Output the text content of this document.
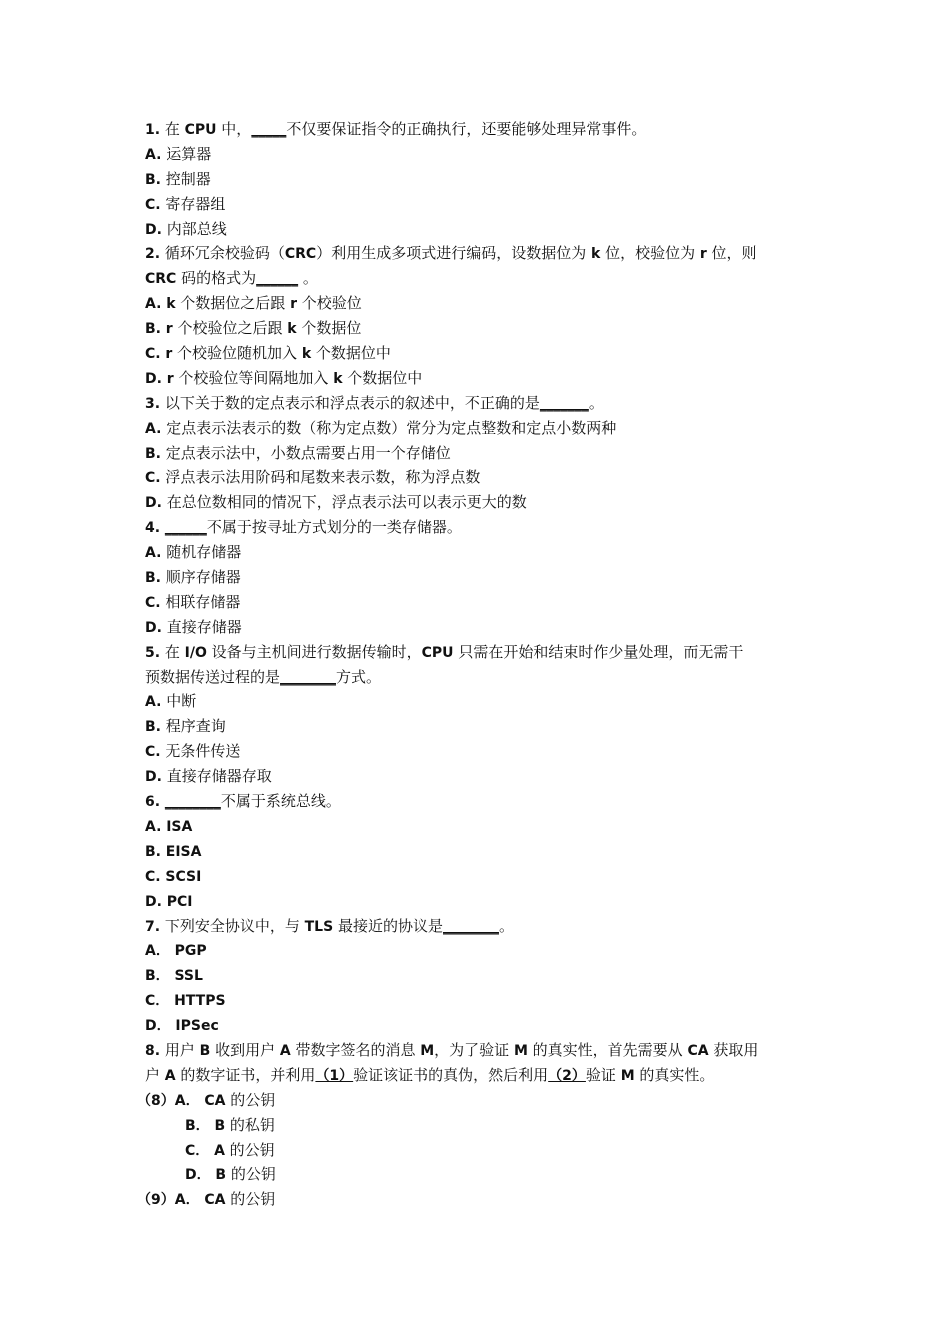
1. 在 CPU 中，_____不仅要保证指令的正确执行，还要能够处理异常事件。
A. 运算器
B. 控制器
C. 寄存器组
D. 内部总线
2. 循环冗余校验码（CRC）利用生成多项式进行编码，设数据位为 k 位，校验位为 r 位，则
CRC 码的格式为______ 。
A. k 个数据位之后跟 r 个校验位
B. r 个校验位之后跟 k 个数据位
C. r 个校验位随机加入 k 个数据位中
D. r 个校验位等间隔地加入 k 个数据位中
3. 以下关于数的定点表示和浮点表示的叙述中，不正确的是_______。
A. 定点表示法表示的数（称为定点数）常分为定点整数和定点小数两种
B. 定点表示法中，小数点需要占用一个存储位
C. 浮点表示法用阶码和尾数来表示数，称为浮点数
D. 在总位数相同的情况下，浮点表示法可以表示更大的数
4. ______不属于按寻址方式划分的一类存储器。
A. 随机存储器
B. 顺序存储器
C. 相联存储器
D. 直接存储器
5. 在 I/O 设备与主机间进行数据传输时，CPU 只需在开始和结束时作少量处理，而无需干
预数据传送过程的是________方式。
A. 中断
B. 程序查询
C. 无条件传送
D. 直接存储器存取
6. ________不属于系统总线。
A. ISA
B. EISA
C. SCSI
D. PCI
7. 下列安全协议中，与 TLS 最接近的协议是________。
A． PGP
B． SSL
C． HTTPS
D． IPSec
8. 用户 B 收到用户 A 带数字签名的消息 M，为了验证 M 的真实性，首先需要从 CA 获取用
户 A 的数字证书，并利用（1）验证该证书的真伪，然后利用（2）验证 M 的真实性。
（8）A． CA 的公钥
B． B 的私钥
C． A 的公钥
D． B 的公钥
（9）A． CA 的公钥
